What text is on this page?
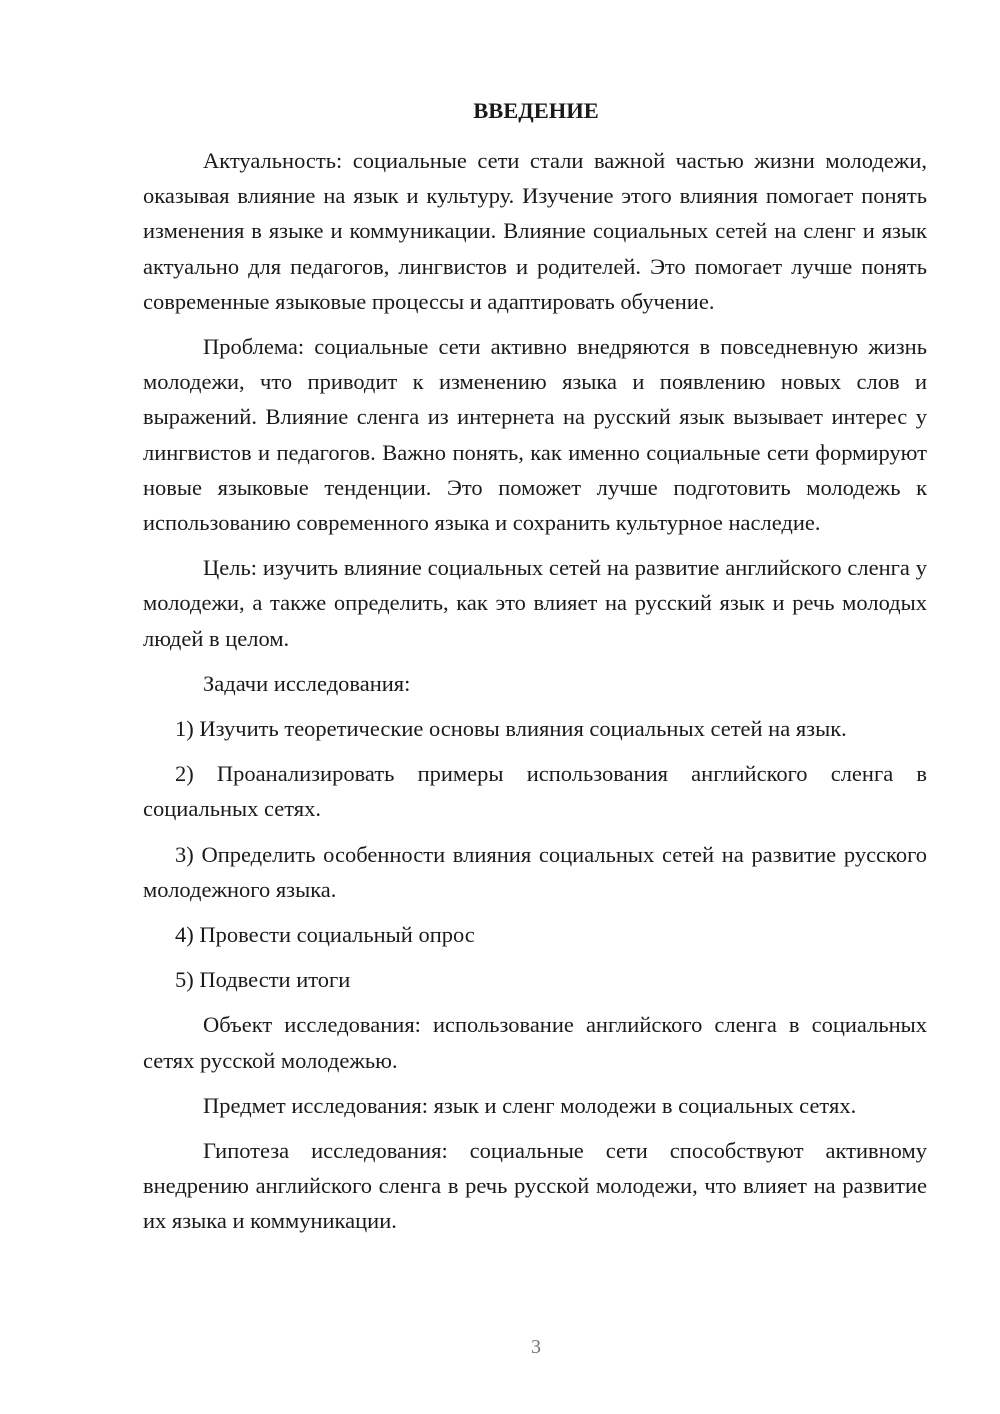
ВВЕДЕНИЕ

Актуальность: социальные сети стали важной частью жизни молодежи, оказывая влияние на язык и культуру. Изучение этого влияния помогает понять изменения в языке и коммуникации. Влияние социальных сетей на сленг и язык актуально для педагогов, лингвистов и родителей. Это помогает лучше понять современные языковые процессы и адаптировать обучение.

Проблема: социальные сети активно внедряются в повседневную жизнь молодежи, что приводит к изменению языка и появлению новых слов и выражений. Влияние сленга из интернета на русский язык вызывает интерес у лингвистов и педагогов. Важно понять, как именно социальные сети формируют новые языковые тенденции. Это поможет лучше подготовить молодежь к использованию современного языка и сохранить культурное наследие.

Цель: изучить влияние социальных сетей на развитие английского сленга у молодежи, а также определить, как это влияет на русский язык и речь молодых людей в целом.

Задачи исследования:

1) Изучить теоретические основы влияния социальных сетей на язык.

2) Проанализировать примеры использования английского сленга в социальных сетях.

3) Определить особенности влияния социальных сетей на развитие русского молодежного языка.

4) Провести социальный опрос

5) Подвести итоги

Объект исследования: использование английского сленга в социальных сетях русской молодежью.

Предмет исследования: язык и сленг молодежи в социальных сетях.

Гипотеза исследования: социальные сети способствуют активному внедрению английского сленга в речь русской молодежи, что влияет на развитие их языка и коммуникации.

3
